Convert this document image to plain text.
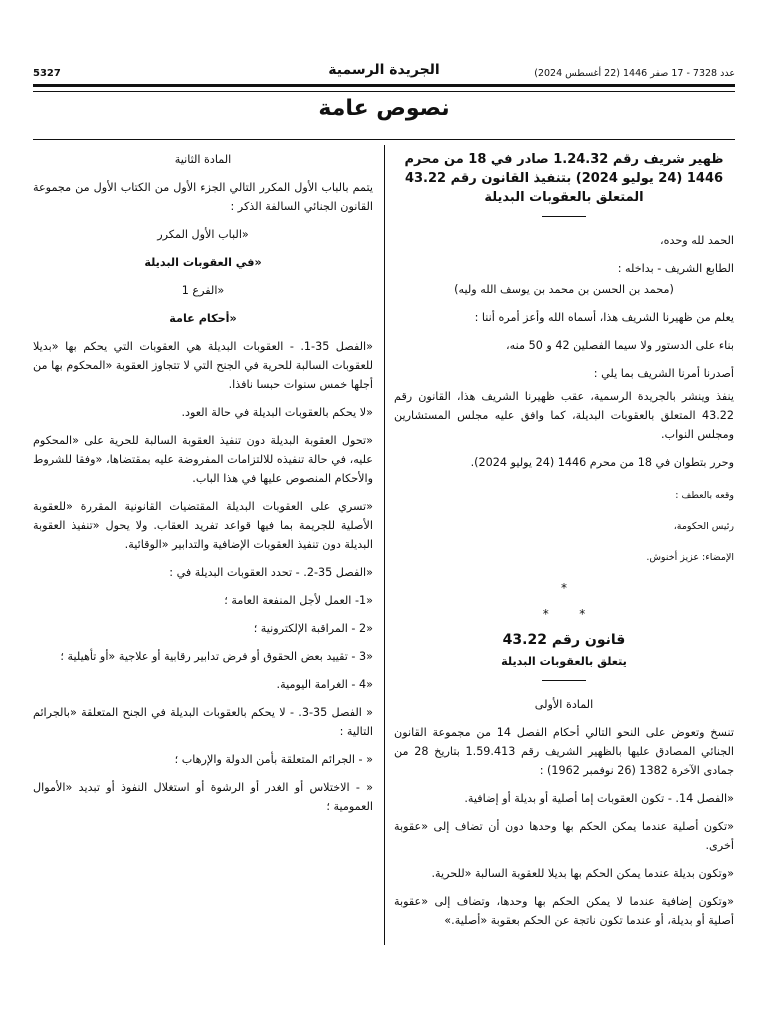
5327	الجريدة الرسمية	عدد 7328 - 17 صفر 1446 (22 أغسطس 2024)
نصوص عامة

ظهير شريف رقم 1.24.32 صادر في 18 من محرم 1446 (24 يوليو 2024) بتنفيذ القانون رقم 43.22 المتعلق بالعقوبات البديلة

الحمد لله وحده،

الطابع الشريف - بداخله :

(محمد بن الحسن بن محمد بن يوسف الله وليه)

يعلم من ظهيرنا الشريف هذا، أسماه الله وأعز أمره أننا :

بناء على الدستور ولا سيما الفصلين 42 و 50 منه،

أصدرنا أمرنا الشريف بما يلي :

ينفذ وينشر بالجريدة الرسمية، عقب ظهيرنا الشريف هذا، القانون رقم 43.22 المتعلق بالعقوبات البديلة، كما وافق عليه مجلس المستشارين ومجلس النواب.

وحرر بتطوان في 18 من محرم 1446 (24 يوليو 2024).

وقعه بالعطف :

رئيس الحكومة،

الإمضاء: عزيز أخنوش.

*
*        *

قانون رقم 43.22

يتعلق بالعقوبات البديلة

المادة الأولى

تنسخ وتعوض على النحو التالي أحكام الفصل 14 من مجموعة القانون الجنائي المصادق عليها بالظهير الشريف رقم 1.59.413 بتاريخ 28 من جمادى الآخرة 1382 (26 نوفمبر 1962) :

«الفصل 14. - تكون العقوبات إما أصلية أو بديلة أو إضافية.

«تكون أصلية عندما يمكن الحكم بها وحدها دون أن تضاف إلى «عقوبة أخرى.

«وتكون بديلة عندما يمكن الحكم بها بديلا للعقوبة السالبة «للحرية.

«وتكون إضافية عندما لا يمكن الحكم بها وحدها، وتضاف إلى «عقوبة أصلية أو بديلة، أو عندما تكون ناتجة عن الحكم بعقوبة «أصلية.»

المادة الثانية

يتمم بالباب الأول المكرر التالي الجزء الأول من الكتاب الأول من مجموعة القانون الجنائي السالفة الذكر :

«الباب الأول المكرر

«في العقوبات البديلة

«الفرع 1

«أحكام عامة

«الفصل 35-1. - العقوبات البديلة هي العقوبات التي يحكم بها «بديلا للعقوبات السالبة للحرية في الجنح التي لا تتجاوز العقوبة «المحكوم بها من أجلها خمس سنوات حبسا نافذا.

«لا يحكم بالعقوبات البديلة في حالة العود.

«تحول العقوبة البديلة دون تنفيذ العقوبة السالبة للحرية على «المحكوم عليه، في حالة تنفيذه للالتزامات المفروضة عليه بمقتضاها، «وفقا للشروط والأحكام المنصوص عليها في هذا الباب.

«تسري على العقوبات البديلة المقتضيات القانونية المقررة «للعقوبة الأصلية للجريمة بما فيها قواعد تفريد العقاب. ولا يحول «تنفيذ العقوبة البديلة دون تنفيذ العقوبات الإضافية والتدابير «الوقائية.

«الفصل 35-2. - تحدد العقوبات البديلة في :

«1- العمل لأجل المنفعة العامة ؛

«2 - المراقبة الإلكترونية ؛

«3 - تقييد بعض الحقوق أو فرض تدابير رقابية أو علاجية «أو تأهيلية ؛

«4 - الغرامة اليومية.

« الفصل 35-3. - لا يحكم بالعقوبات البديلة في الجنح المتعلقة «بالجرائم التالية :

« - الجرائم المتعلقة بأمن الدولة والإرهاب ؛

« - الاختلاس أو الغدر أو الرشوة أو استغلال النفوذ أو تبديد «الأموال العمومية ؛
